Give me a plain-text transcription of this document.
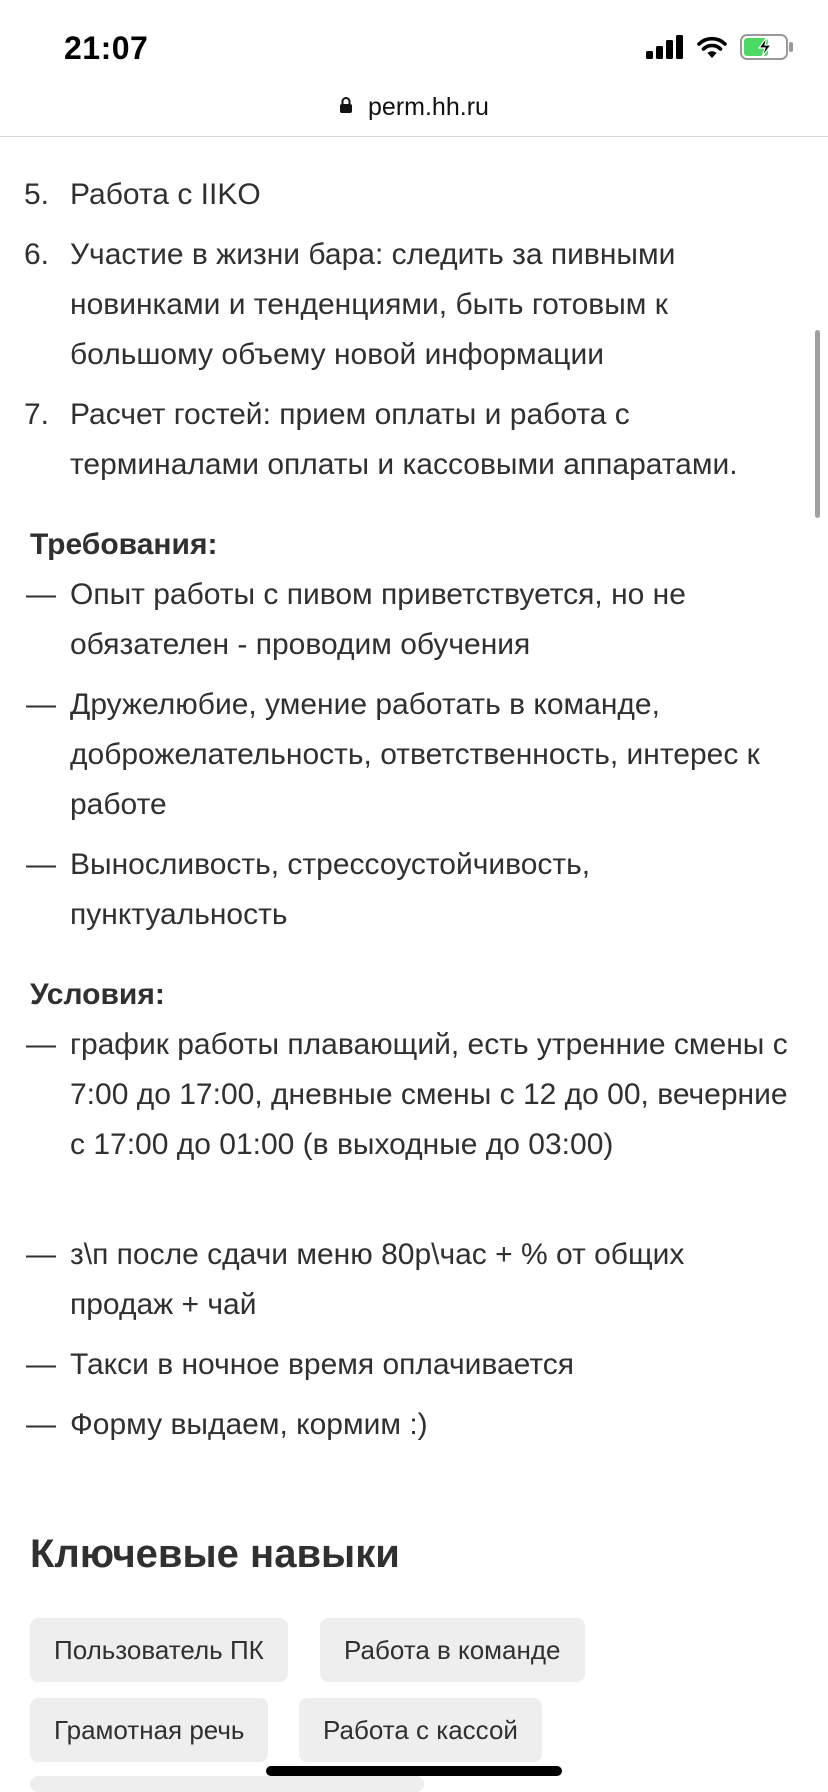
5. Работа с IIKO
6. Участие в жизни бара: следить за пивными новинками и тенденциями, быть готовым к большому объему новой информации
7. Расчет гостей: прием оплаты и работа с терминалами оплаты и кассовыми аппаратами.
Требования:
— Опыт работы с пивом приветствуется, но не обязателен - проводим обучения
— Дружелюбие, умение работать в команде, доброжелательность, ответственность, интерес к работе
— Выносливость, стрессоустойчивость, пунктуальность
Условия:
— график работы плавающий, есть утренние смены с 7:00 до 17:00, дневные смены с 12 до 00, вечерние с 17:00 до 01:00 (в выходные до 03:00)
— з\п после сдачи меню 80р\час + % от общих продаж + чай
— Такси в ночное время оплачивается
— Форму выдаем, кормим :)
Ключевые навыки
Пользователь ПК	Работа в команде
Грамотная речь	Работа с кассой
21:07
perm.hh.ru
